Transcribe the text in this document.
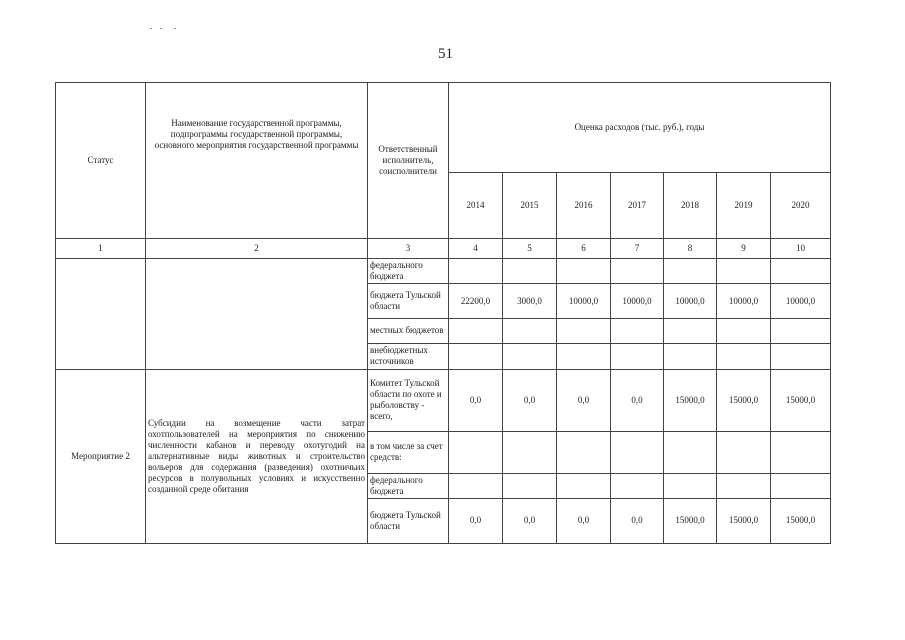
51
Статус	Наименование государственной программы, подпрограммы государственной программы, основного мероприятия государственной программы	Ответственный исполнитель, соисполнители	Оценка расходов (тыс. руб.), годы						
			2014	2015	2016	2017	2018	2019	2020
1	2	3	4	5	6	7	8	9	10
		федерального бюджета							
		бюджета Тульской области	22200,0	3000,0	10000,0	10000,0	10000,0	10000,0	10000,0
		местных бюджетов							
		внебюджетных источников							
Мероприятие 2	Субсидии на возмещение части затрат охотпользователей на мероприятия по снижению численности кабанов и переводу охотугодий на альтернативные виды животных и строительство вольеров для содержания (разведения) охотничьих ресурсов в полувольных условиях и искусственно созданной среде обитания	Комитет Тульской области по охоте и рыболовству - всего,	0,0	0,0	0,0	0,0	15000,0	15000,0	15000,0
		в том числе за счет средств:							
		федерального бюджета							
		бюджета Тульской области	0,0	0,0	0,0	0,0	15000,0	15000,0	15000,0
